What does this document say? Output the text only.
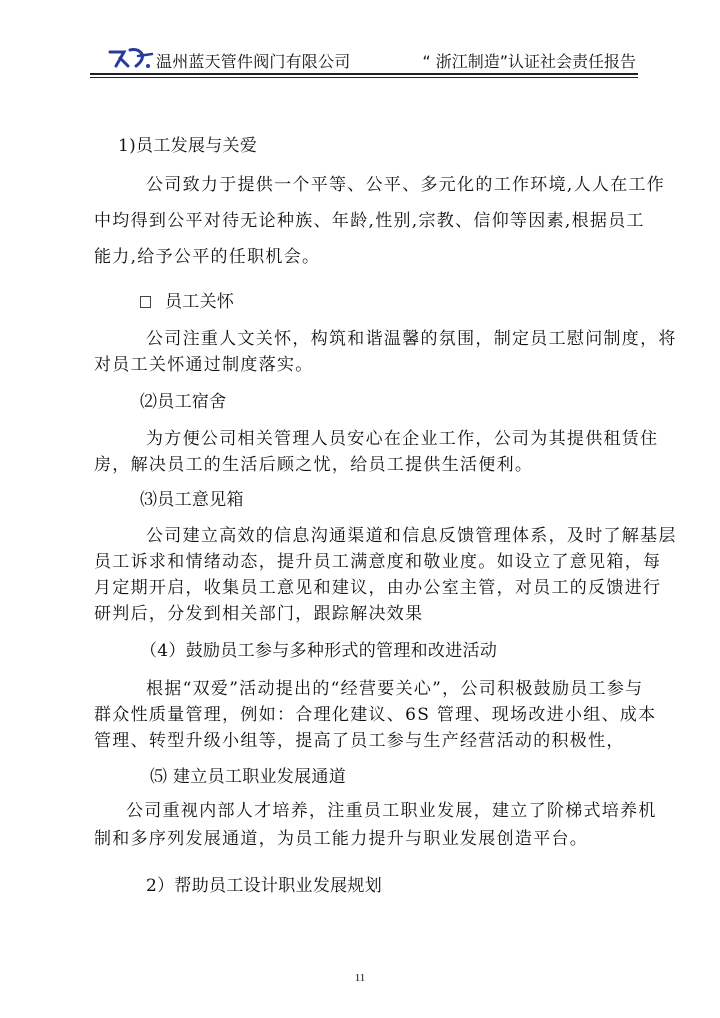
温州蓝天管件阀门有限公司	“ 浙江制造”认证社会责任报告
1)员工发展与关爱
公司致力于提供一个平等、公平、多元化的工作环境,人人在工作
中均得到公平对待无论种族、年龄,性别,宗教、信仰等因素,根据员工
能力,给予公平的任职机会。
员工关怀
公司注重人文关怀，构筑和谐温馨的氛围，制定员工慰问制度，将
对员工关怀通过制度落实。
⑵员工宿舍
为方便公司相关管理人员安心在企业工作，公司为其提供租赁住
房，解决员工的生活后顾之忧，给员工提供生活便利。
⑶员工意见箱
公司建立高效的信息沟通渠道和信息反馈管理体系，及时了解基层
员工诉求和情绪动态，提升员工满意度和敬业度。如设立了意见箱，每
月定期开启，收集员工意见和建议，由办公室主管，对员工的反馈进行
研判后，分发到相关部门，跟踪解决效果
（4）鼓励员工参与多种形式的管理和改进活动
根据“双爱”活动提出的“经营要关心”，公司积极鼓励员工参与
群众性质量管理，例如：合理化建议、6S 管理、现场改进小组、成本
管理、转型升级小组等，提高了员工参与生产经营活动的积极性，
⑸ 建立员工职业发展通道
公司重视内部人才培养，注重员工职业发展，建立了阶梯式培养机
制和多序列发展通道，为员工能力提升与职业发展创造平台。
2）帮助员工设计职业发展规划
11
